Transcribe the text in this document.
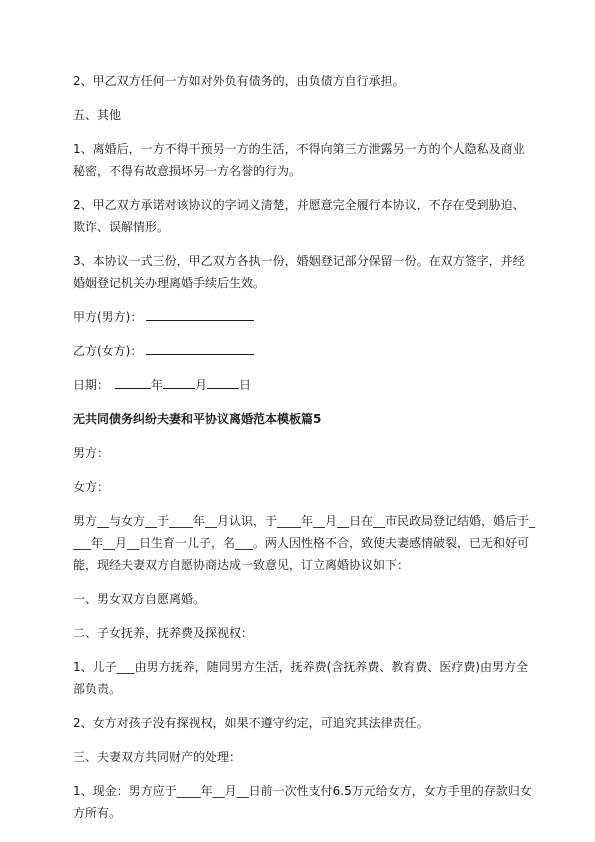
2、甲乙双方任何一方如对外负有债务的，由负债方自行承担。

五、其他

1、离婚后，一方不得干预另一方的生活，不得向第三方泄露另一方的个人隐私及商业秘密，不得有故意损坏另一方名誉的行为。

2、甲乙双方承诺对该协议的字词义清楚，并愿意完全履行本协议，不存在受到胁迫、欺诈、误解情形。

3、本协议一式三份，甲乙双方各执一份，婚姻登记部分保留一份。在双方签字，并经婚姻登记机关办理离婚手续后生效。

甲方(男方)：

乙方(女方)：

日期：	年	月	日

无共同债务纠纷夫妻和平协议离婚范本模板篇5

男方：

女方：

男方__与女方__于____年__月认识，于____年__月__日在__市民政局登记结婚，婚后于____年__月__日生育一儿子，名___。两人因性格不合，致使夫妻感情破裂，已无和好可能，现经夫妻双方自愿协商达成一致意见，订立离婚协议如下：

一、男女双方自愿离婚。

二、子女抚养，抚养费及探视权：

1、儿子___由男方抚养，随同男方生活，抚养费(含抚养费、教育费、医疗费)由男方全部负责。

2、女方对孩子没有探视权，如果不遵守约定，可追究其法律责任。

三、夫妻双方共同财产的处理：

1、现金：男方应于____年__月__日前一次性支付6.5万元给女方，女方手里的存款归女方所有。
